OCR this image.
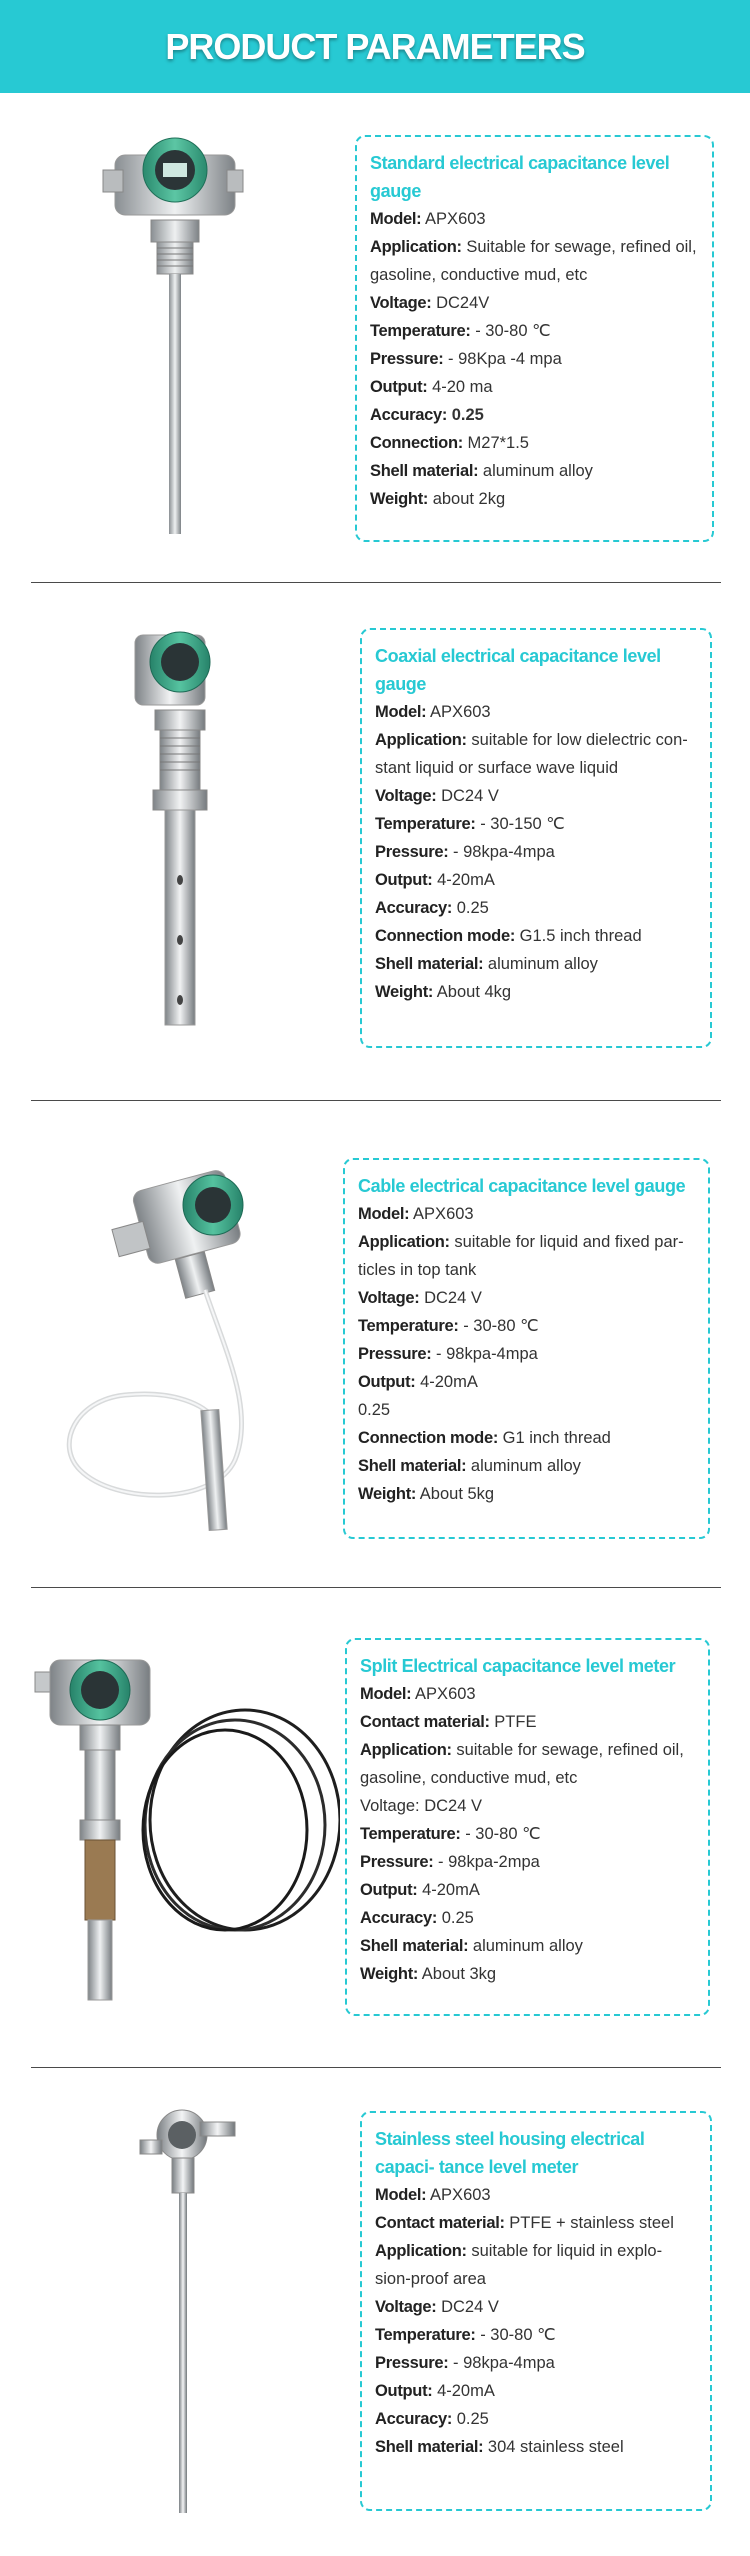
PRODUCT PARAMETERS
Standard electrical capacitance level gauge
Model: APX603
Application: Suitable for sewage, refined oil, gasoline, conductive mud, etc
Voltage: DC24V
Temperature: - 30-80 ℃
Pressure: - 98Kpa -4 mpa
Output: 4-20 ma
Accuracy: 0.25
Connection: M27*1.5
Shell material: aluminum alloy
Weight: about 2kg
Coaxial electrical capacitance level gauge
Model: APX603
Application: suitable for low dielectric con- stant liquid or surface wave liquid
Voltage: DC24 V
Temperature: - 30-150 ℃
Pressure: - 98kpa-4mpa
Output: 4-20mA
Accuracy: 0.25
Connection mode: G1.5 inch thread
Shell material: aluminum alloy
Weight: About 4kg
Cable electrical capacitance level gauge
Model: APX603
Application: suitable for liquid and fixed par- ticles in top tank
Voltage: DC24 V
Temperature: - 30-80 ℃
Pressure: - 98kpa-4mpa
Output: 4-20mA
0.25
Connection mode: G1 inch thread
Shell material: aluminum alloy
Weight: About 5kg
Split Electrical capacitance level meter
Model: APX603
Contact material: PTFE
Application: suitable for sewage, refined oil, gasoline, conductive mud, etc
Voltage: DC24 V
Temperature: - 30-80 ℃
Pressure: - 98kpa-2mpa
Output: 4-20mA
Accuracy: 0.25
Shell material: aluminum alloy
Weight: About 3kg
Stainless steel housing electrical capaci- tance level meter
Model: APX603
Contact material: PTFE + stainless steel
Application: suitable for liquid in explo- sion-proof area
Voltage: DC24 V
Temperature: - 30-80 ℃
Pressure: - 98kpa-4mpa
Output: 4-20mA
Accuracy: 0.25
Shell material: 304 stainless steel
